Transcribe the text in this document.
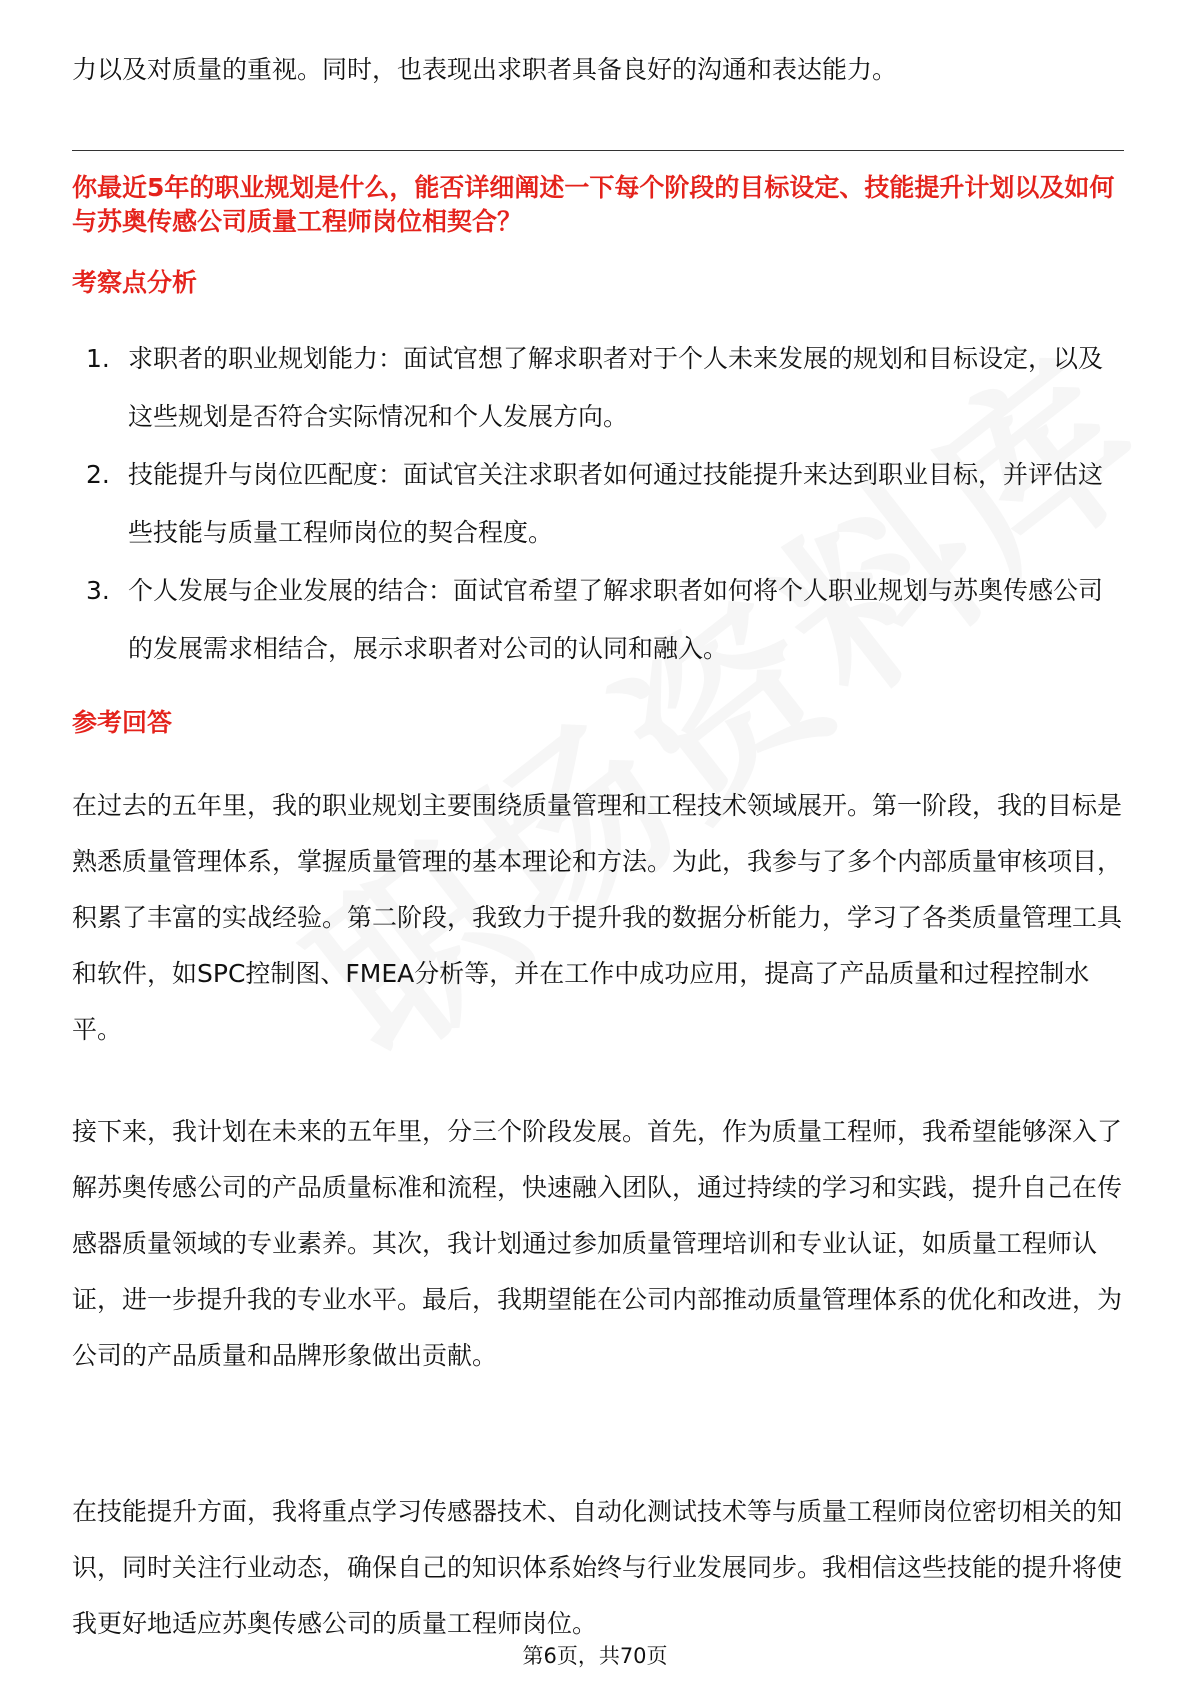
力以及对质量的重视。同时，也表现出求职者具备良好的沟通和表达能力。

你最近5年的职业规划是什么，能否详细阐述一下每个阶段的目标设定、技能提升计划以及如何与苏奥传感公司质量工程师岗位相契合？

考察点分析
1. 求职者的职业规划能力：面试官想了解求职者对于个人未来发展的规划和目标设定，以及这些规划是否符合实际情况和个人发展方向。
2. 技能提升与岗位匹配度：面试官关注求职者如何通过技能提升来达到职业目标，并评估这些技能与质量工程师岗位的契合程度。
3. 个人发展与企业发展的结合：面试官希望了解求职者如何将个人职业规划与苏奥传感公司的发展需求相结合，展示求职者对公司的认同和融入。
参考回答

在过去的五年里，我的职业规划主要围绕质量管理和工程技术领域展开。第一阶段，我的目标是熟悉质量管理体系，掌握质量管理的基本理论和方法。为此，我参与了多个内部质量审核项目，积累了丰富的实战经验。第二阶段，我致力于提升我的数据分析能力，学习了各类质量管理工具和软件，如SPC控制图、FMEA分析等，并在工作中成功应用，提高了产品质量和过程控制水平。

接下来，我计划在未来的五年里，分三个阶段发展。首先，作为质量工程师，我希望能够深入了解苏奥传感公司的产品质量标准和流程，快速融入团队，通过持续的学习和实践，提升自己在传感器质量领域的专业素养。其次，我计划通过参加质量管理培训和专业认证，如质量工程师认证，进一步提升我的专业水平。最后，我期望能在公司内部推动质量管理体系的优化和改进，为公司的产品质量和品牌形象做出贡献。

在技能提升方面，我将重点学习传感器技术、自动化测试技术等与质量工程师岗位密切相关的知识，同时关注行业动态，确保自己的知识体系始终与行业发展同步。我相信这些技能的提升将使我更好地适应苏奥传感公司的质量工程师岗位。

第6页，共70页
